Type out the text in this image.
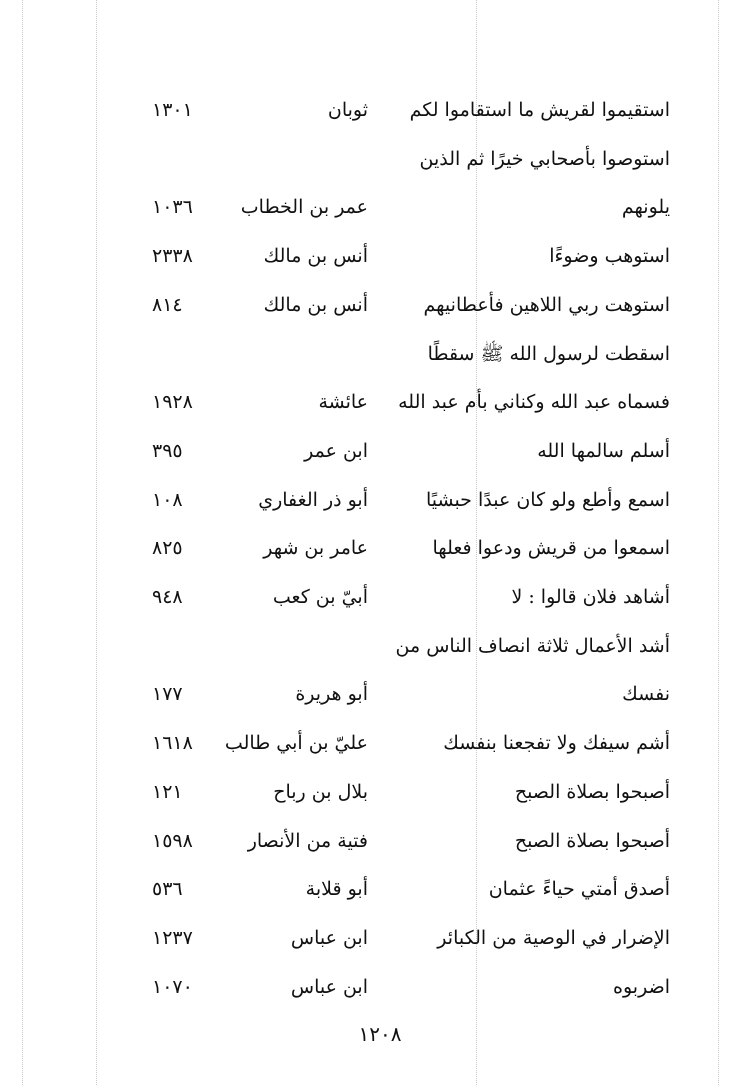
استقيموا لقريش ما استقاموا لكم
ثوبان
١٣٠١
استوصوا بأصحابي خيرًا ثم الذين
يلونهم
عمر بن الخطاب
١٠٣٦
استوهب وضوءًا
أنس بن مالك
٢٣٣٨
استوهت ربي اللاهين فأعطانيهم
أنس بن مالك
٨١٤
اسقطت لرسول الله ﷺ سقطًا
فسماه عبد الله وكناني بأم عبد الله
عائشة
١٩٢٨
أسلم سالمها الله
ابن عمر
٣٩٥
اسمع وأطع ولو كان عبدًا حبشيًا
أبو ذر الغفاري
١٠٨
اسمعوا من قريش ودعوا فعلها
عامر بن شهر
٨٢٥
أشاهد فلان قالوا : لا
أبيّ بن كعب
٩٤٨
أشد الأعمال ثلاثة انصاف الناس من
نفسك
أبو هريرة
١٧٧
أشم سيفك ولا تفجعنا بنفسك
عليّ بن أبي طالب
١٦١٨
أصبحوا بصلاة الصبح
بلال بن رباح
١٢١
أصبحوا بصلاة الصبح
فتية من الأنصار
١٥٩٨
أصدق أمتي حياءً عثمان
أبو قلابة
٥٣٦
الإضرار في الوصية من الكبائر
ابن عباس
١٢٣٧
اضربوه
ابن عباس
١٠٧٠
١٢٠٨
